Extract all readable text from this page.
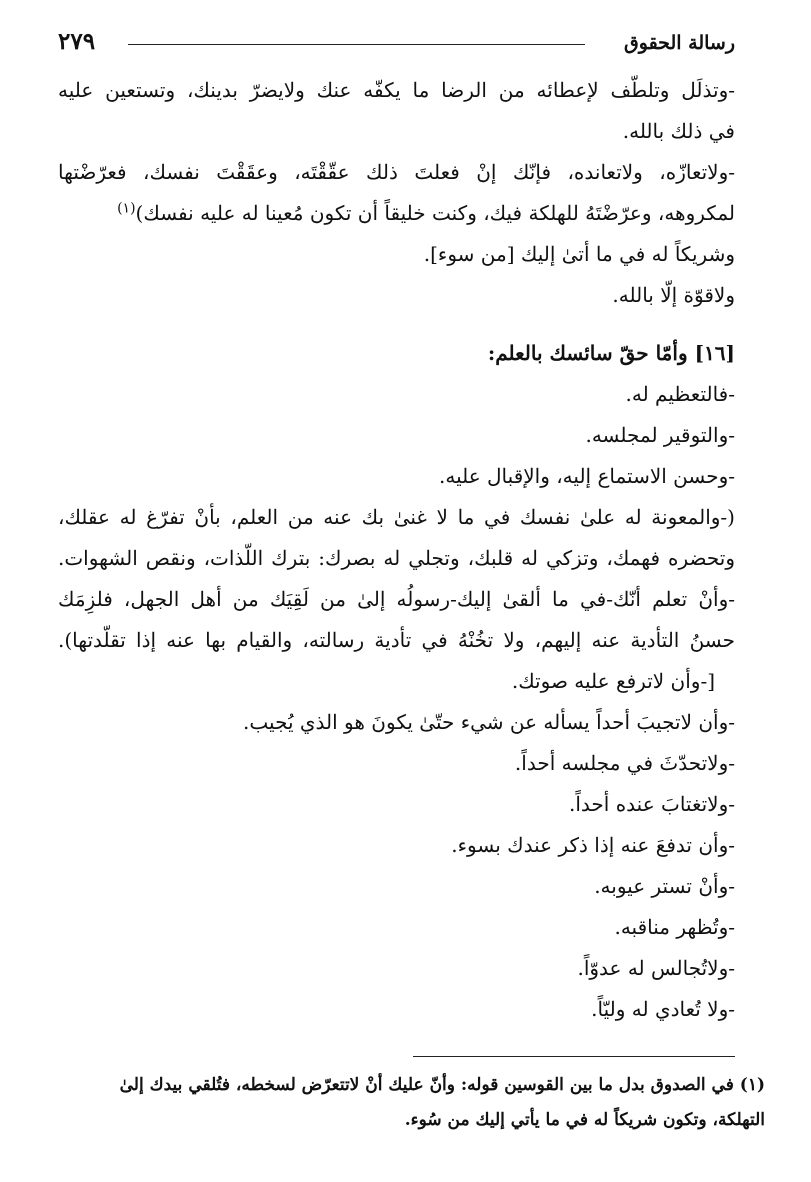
رسالة الحقوق
٢٧٩
-وتذلَل وتلطّف لإعطائه من الرضا ما يكفّه عنك ولايضرّ بدينك، وتستعين عليه
في ذلك بالله.
-ولاتعازّه، ولاتعانده، فإنّك إنْ فعلتَ ذلك عقّقْتَه، وعقَقْتَ نفسك، فعرّضْتها
لمكروهه، وعرّضْتَهُ للهلكة فيك، وكنت خليقاً أن تكون مُعينا له عليه نفسك)$^{(١)}$
وشريكاً له في ما أتىٰ إليك [من سوء].
ولاقوّة إلّا بالله.
[١٦] وأمّا حقّ سائسك بالعلم:
-فالتعظيم له.
-والتوقير لمجلسه.
-وحسن الاستماع إليه، والإقبال عليه.
(-والمعونة له علىٰ نفسك في ما لا غنىٰ بك عنه من العلم، بأنْ تفرّغ له عقلك،
وتحضره فهمك، وتزكي له قلبك، وتجلي له بصرك: بترك اللّذات، ونقص الشهوات.
-وأنْ تعلم أنّك-في ما ألقىٰ إليك-رسولُه إلىٰ من لَقِيَك من أهل الجهل، فلزِمَك
حسنُ التأدية عنه إليهم، ولا تخُنْهُ في تأدية رسالته، والقيام بها عنه إذا تقلّدتها).
[-وأن لاترفع عليه صوتك.
-وأن لاتجيبَ أحداً يسأله عن شيء حتّىٰ يكونَ هو الذي يُجيب.
-ولاتحدّثَ في مجلسه أحداً.
-ولاتغتابَ عنده أحداً.
-وأن تدفعَ عنه إذا ذكر عندك بسوء.
-وأنْ تستر عيوبه.
-وتُظهر مناقبه.
-ولاتُجالس له عدوّاً.
-ولا تُعادي له وليّاً.
(١) في الصدوق بدل ما بين القوسين قوله: وأنّ عليك أنْ لاتتعرّض لسخطه، فتُلقي بيدك إلىٰ
التهلكة، وتكون شريكاً له في ما يأتي إليك من سُوء.
